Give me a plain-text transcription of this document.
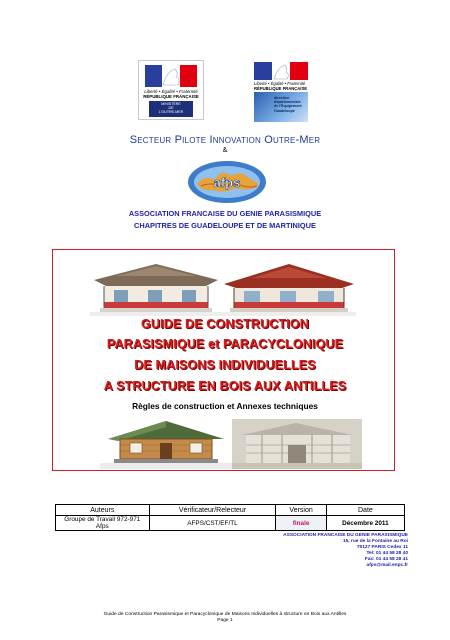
Liberté • Égalité • Fraternité
RÉPUBLIQUE FRANÇAISE
MINISTÈRE
DE
L'OUTRE-MER
Liberté • Égalité • Fraternité
RÉPUBLIQUE FRANÇAISE
direction
départementale
de l'Équipement
Guadeloupe
Secteur Pilote Innovation Outre-Mer
&
afps
ASSOCIATION FRANCAISE DU GENIE PARASISMIQUE
CHAPITRES DE GUADELOUPE ET DE MARTINIQUE
GUIDE DE CONSTRUCTION
PARASISMIQUE et PARACYCLONIQUE
DE MAISONS INDIVIDUELLES
A STRUCTURE EN BOIS AUX ANTILLES
Règles de construction et Annexes techniques
Auteurs	Vérificateur/Relecteur	Version	Date
Groupe de Travail 972-971 Afps	AFPS/CST/EF/TL	finale	Décembre 2011
ASSOCIATION FRANCAISE DU GENIE PARASISMIQUE
15, rue de la Fontaine au Roi
75127 PARIS Cedex 11
Tel: 01 44 58 28 40
Fax: 01 44 58 28 41
afps@mail.enpc.fr
Guide de Construction Parasismique et Paracyclonique de Maisons Individuelles à structure en Bois aux Antilles
Page 1
